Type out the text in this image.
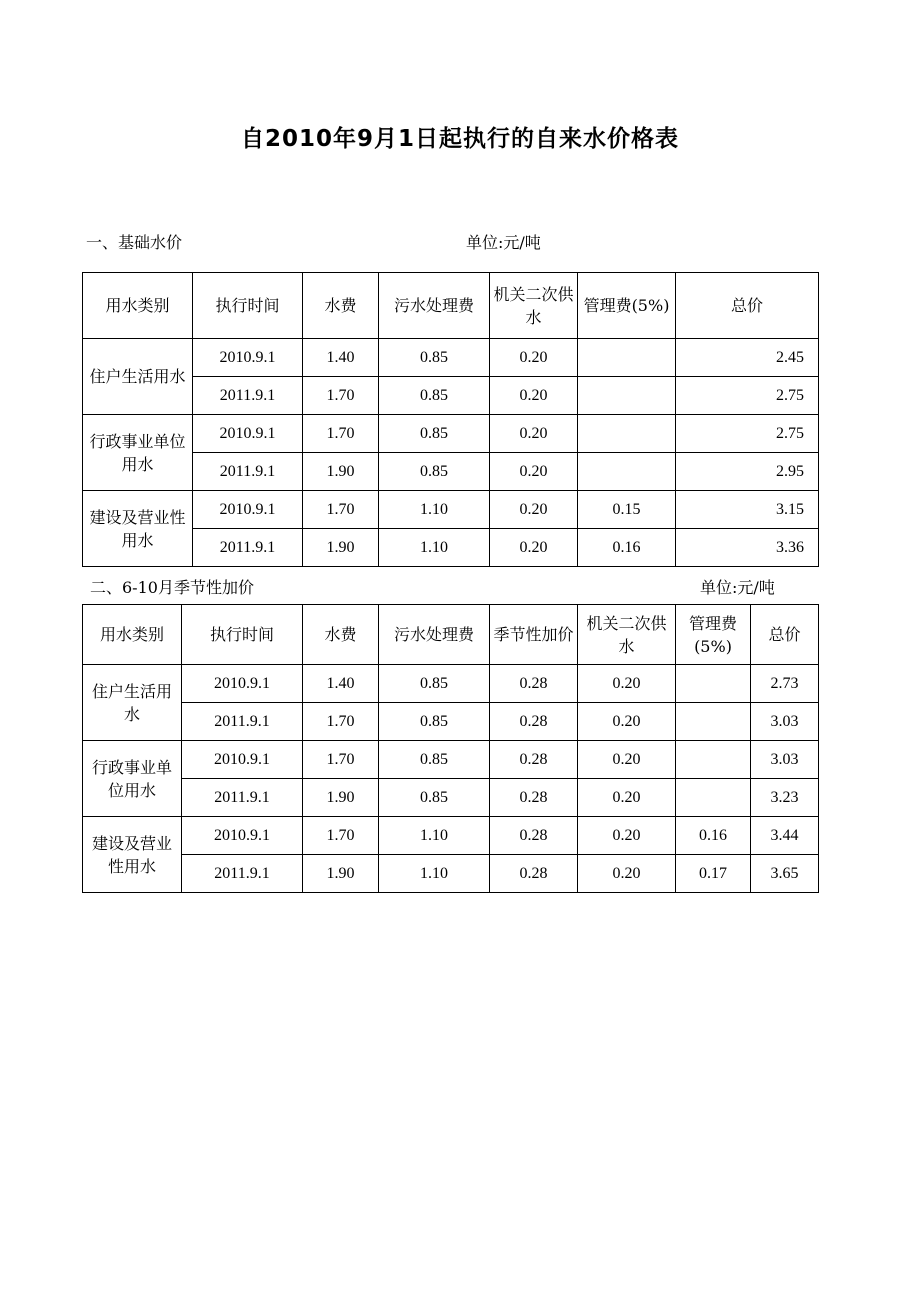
自2010年9月1日起执行的自来水价格表
一、基础水价	单位:元/吨
用水类别	执行时间	水费	污水处理费	机关二次供水	管理费(5%)	总价
住户生活用水	2010.9.1	1.40	0.85	0.20		2.45
	2011.9.1	1.70	0.85	0.20		2.75
行政事业单位用水	2010.9.1	1.70	0.85	0.20		2.75
	2011.9.1	1.90	0.85	0.20		2.95
建设及营业性用水	2010.9.1	1.70	1.10	0.20	0.15	3.15
	2011.9.1	1.90	1.10	0.20	0.16	3.36
二、6-10月季节性加价	单位:元/吨
用水类别	执行时间	水费	污水处理费	季节性加价	机关二次供水	管理费(5%)	总价
住户生活用水	2010.9.1	1.40	0.85	0.28	0.20		2.73
	2011.9.1	1.70	0.85	0.28	0.20		3.03
行政事业单位用水	2010.9.1	1.70	0.85	0.28	0.20		3.03
	2011.9.1	1.90	0.85	0.28	0.20		3.23
建设及营业性用水	2010.9.1	1.70	1.10	0.28	0.20	0.16	3.44
	2011.9.1	1.90	1.10	0.28	0.20	0.17	3.65
